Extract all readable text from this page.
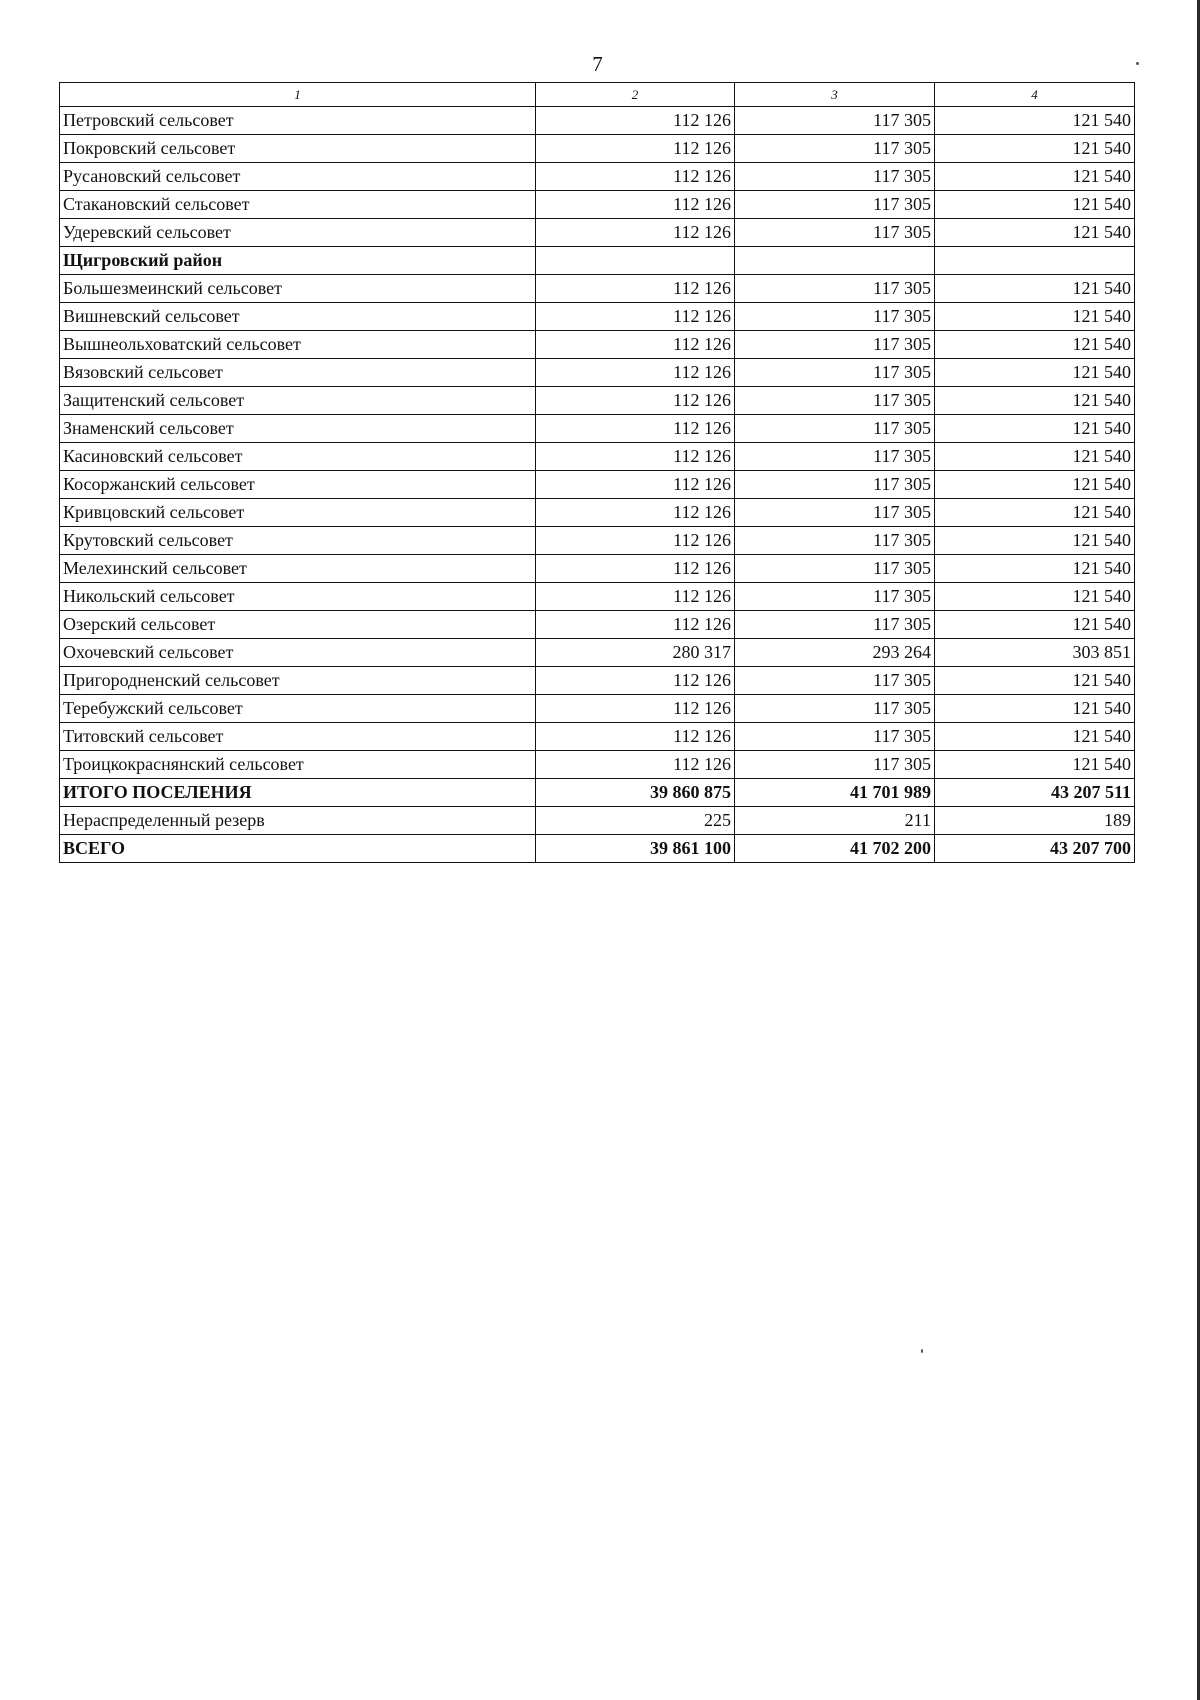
7
1	2	3	4
Петровский сельсовет	112 126	117 305	121 540
Покровский сельсовет	112 126	117 305	121 540
Русановский сельсовет	112 126	117 305	121 540
Стакановский сельсовет	112 126	117 305	121 540
Удеревский сельсовет	112 126	117 305	121 540
Щигровский район			
Большезмеинский сельсовет	112 126	117 305	121 540
Вишневский сельсовет	112 126	117 305	121 540
Вышнеольховатский сельсовет	112 126	117 305	121 540
Вязовский сельсовет	112 126	117 305	121 540
Защитенский сельсовет	112 126	117 305	121 540
Знаменский сельсовет	112 126	117 305	121 540
Касиновский сельсовет	112 126	117 305	121 540
Косоржанский сельсовет	112 126	117 305	121 540
Кривцовский сельсовет	112 126	117 305	121 540
Крутовский сельсовет	112 126	117 305	121 540
Мелехинский сельсовет	112 126	117 305	121 540
Никольский сельсовет	112 126	117 305	121 540
Озерский сельсовет	112 126	117 305	121 540
Охочевский сельсовет	280 317	293 264	303 851
Пригородненский сельсовет	112 126	117 305	121 540
Теребужский сельсовет	112 126	117 305	121 540
Титовский сельсовет	112 126	117 305	121 540
Троицкокраснянский сельсовет	112 126	117 305	121 540
ИТОГО ПОСЕЛЕНИЯ	39 860 875	41 701 989	43 207 511
Нераспределенный резерв	225	211	189
ВСЕГО	39 861 100	41 702 200	43 207 700
